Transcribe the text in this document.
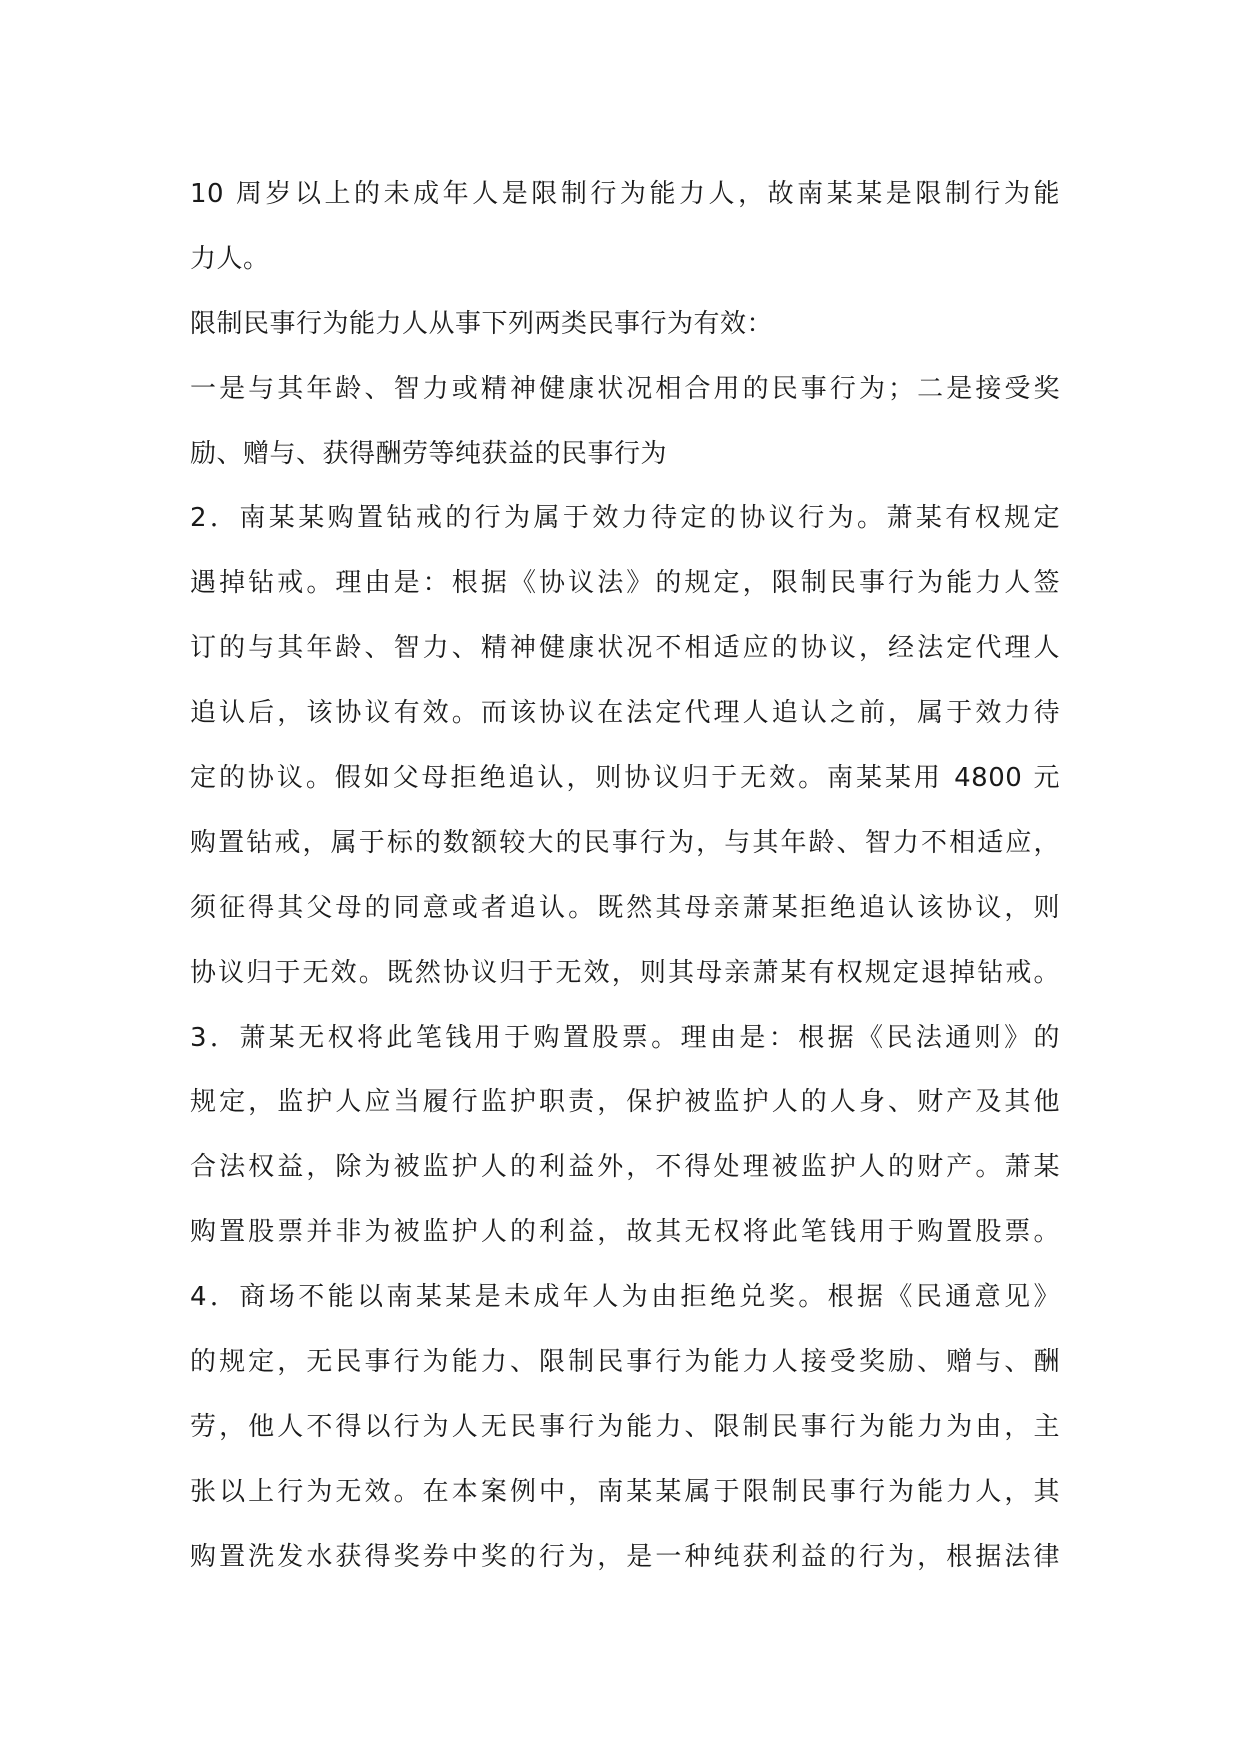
10 周岁以上的未成年人是限制行为能力人，故南某某是限制行为能
力人。
限制民事行为能力人从事下列两类民事行为有效：
一是与其年龄、智力或精神健康状况相合用的民事行为；二是接受奖
励、赠与、获得酬劳等纯获益的民事行为
2．南某某购置钻戒的行为属于效力待定的协议行为。萧某有权规定
遇掉钻戒。理由是：根据《协议法》的规定，限制民事行为能力人签
订的与其年龄、智力、精神健康状况不相适应的协议，经法定代理人
追认后，该协议有效。而该协议在法定代理人追认之前，属于效力待
定的协议。假如父母拒绝追认，则协议归于无效。南某某用 4800 元
购置钻戒，属于标的数额较大的民事行为，与其年龄、智力不相适应，
须征得其父母的同意或者追认。既然其母亲萧某拒绝追认该协议，则
协议归于无效。既然协议归于无效，则其母亲萧某有权规定退掉钻戒。
3．萧某无权将此笔钱用于购置股票。理由是：根据《民法通则》的
规定，监护人应当履行监护职责，保护被监护人的人身、财产及其他
合法权益，除为被监护人的利益外，不得处理被监护人的财产。萧某
购置股票并非为被监护人的利益，故其无权将此笔钱用于购置股票。
4．商场不能以南某某是未成年人为由拒绝兑奖。根据《民通意见》
的规定，无民事行为能力、限制民事行为能力人接受奖励、赠与、酬
劳，他人不得以行为人无民事行为能力、限制民事行为能力为由，主
张以上行为无效。在本案例中，南某某属于限制民事行为能力人，其
购置洗发水获得奖券中奖的行为，是一种纯获利益的行为，根据法律
